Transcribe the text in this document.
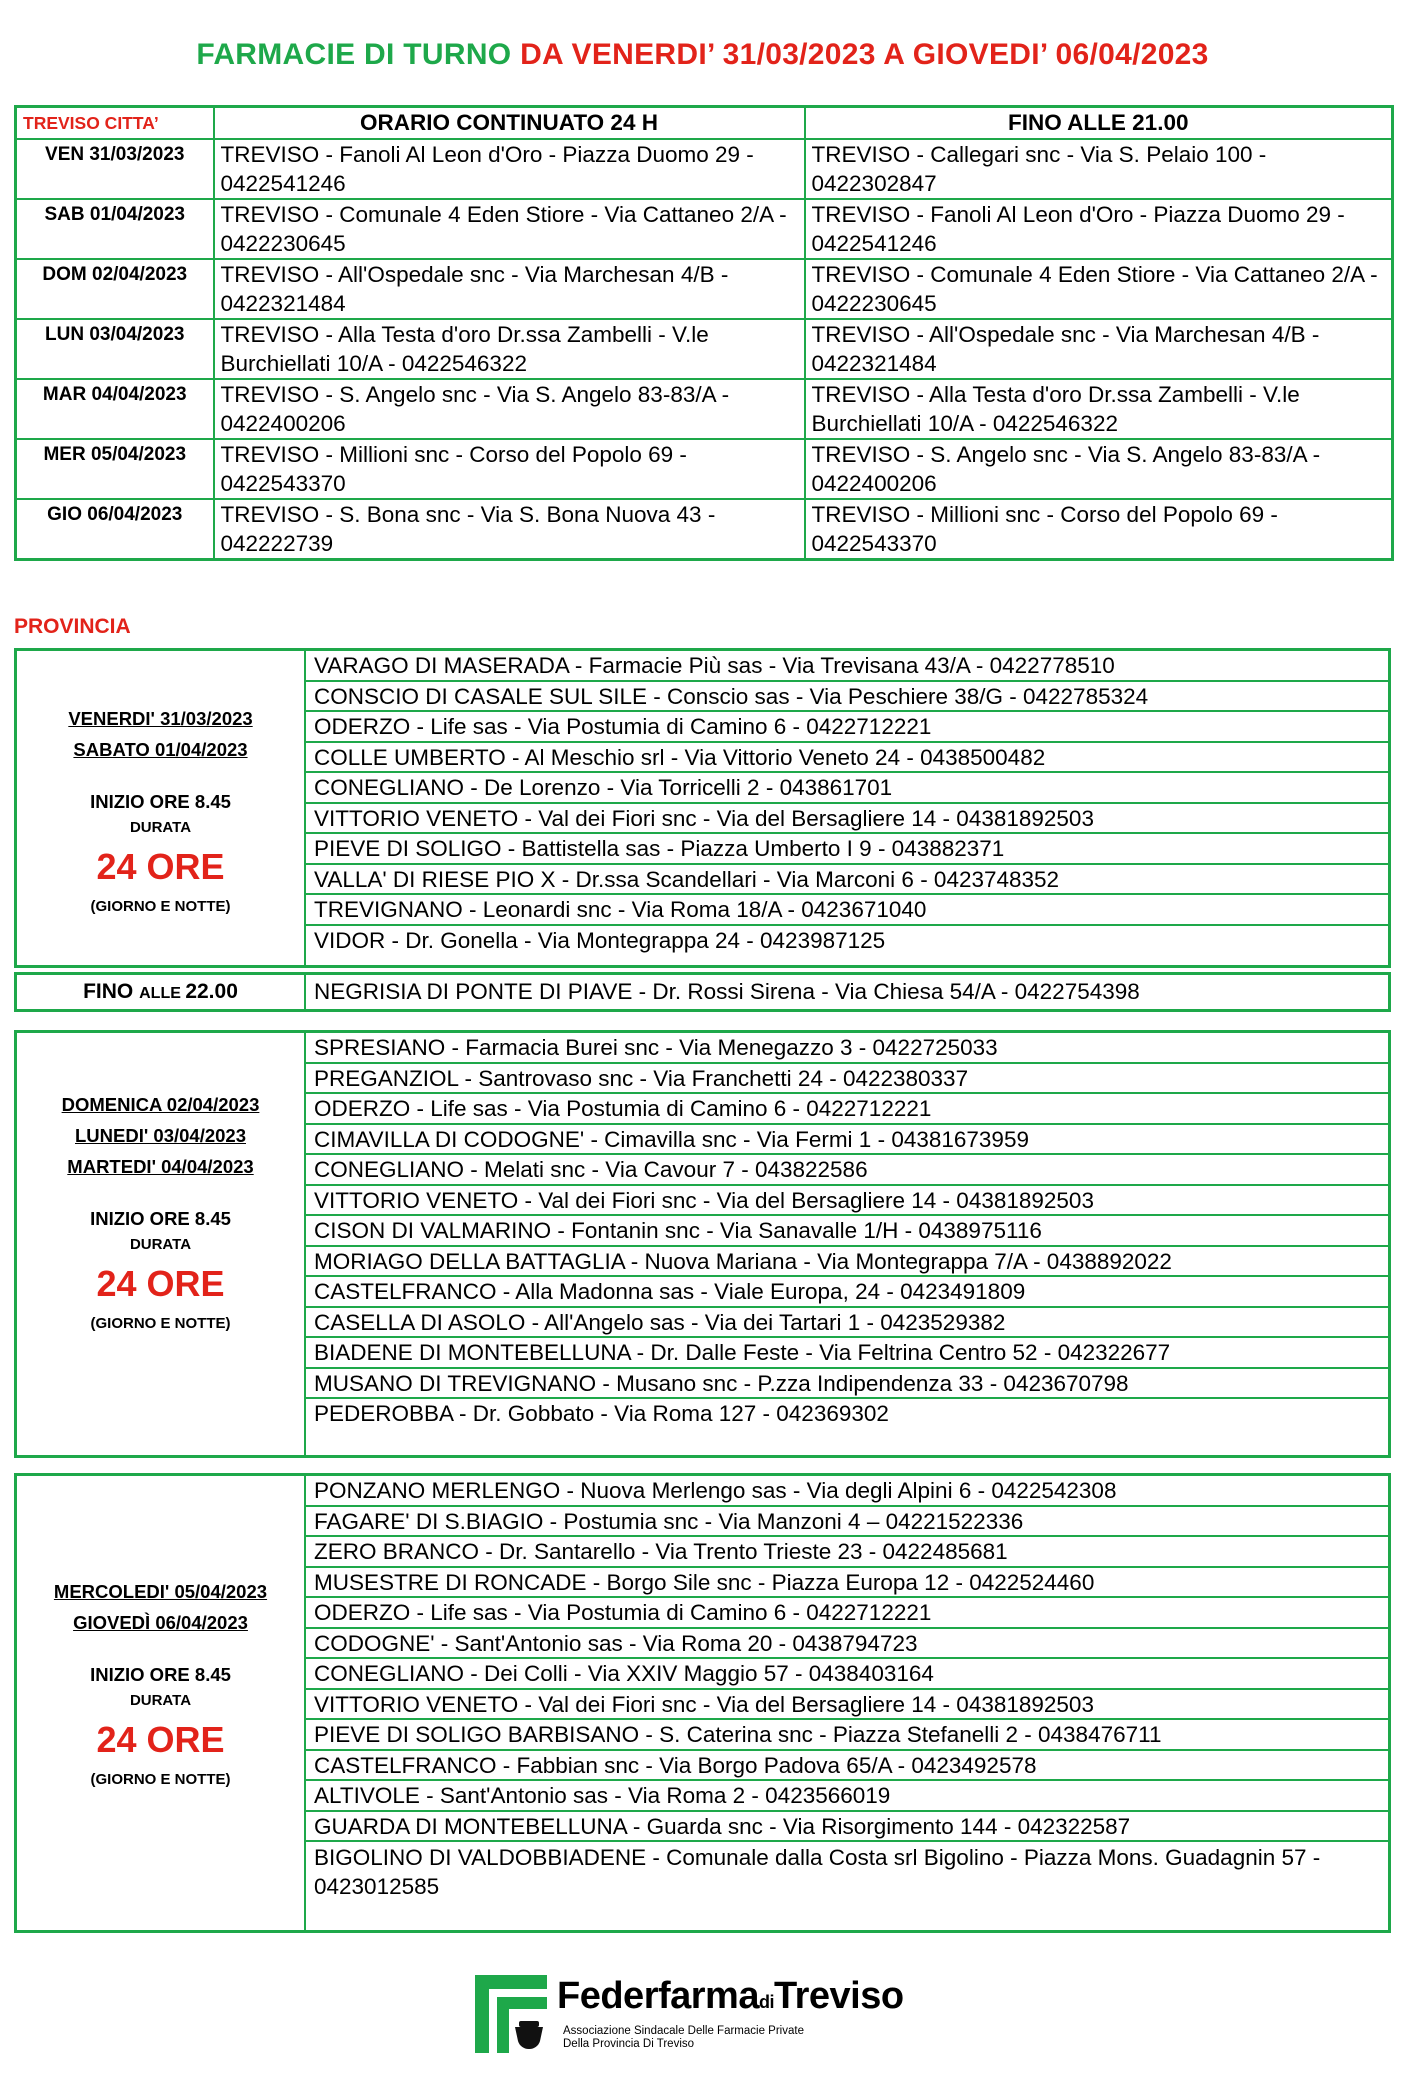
FARMACIE DI TURNO DA VENERDI’ 31/03/2023 A GIOVEDI’ 06/04/2023
TREVISO CITTA’	ORARIO CONTINUATO 24 H	FINO ALLE 21.00
VEN 31/03/2023	TREVISO - Fanoli Al Leon d'Oro - Piazza Duomo 29 - 0422541246	TREVISO - Callegari snc - Via S. Pelaio 100 - 0422302847
SAB 01/04/2023	TREVISO - Comunale 4 Eden Stiore - Via Cattaneo 2/A - 0422230645	TREVISO - Fanoli Al Leon d'Oro - Piazza Duomo 29 - 0422541246
DOM 02/04/2023	TREVISO - All'Ospedale snc - Via Marchesan 4/B - 0422321484	TREVISO - Comunale 4 Eden Stiore - Via Cattaneo 2/A - 0422230645
LUN 03/04/2023	TREVISO - Alla Testa d'oro Dr.ssa Zambelli - V.le Burchiellati 10/A - 0422546322	TREVISO - All'Ospedale snc - Via Marchesan 4/B - 0422321484
MAR 04/04/2023	TREVISO - S. Angelo snc - Via S. Angelo 83-83/A - 0422400206	TREVISO - Alla Testa d'oro Dr.ssa Zambelli - V.le Burchiellati 10/A - 0422546322
MER 05/04/2023	TREVISO - Millioni snc - Corso del Popolo 69 - 0422543370	TREVISO - S. Angelo snc - Via S. Angelo 83-83/A - 0422400206
GIO 06/04/2023	TREVISO - S. Bona snc - Via S. Bona Nuova 43 - 042222739	TREVISO - Millioni snc - Corso del Popolo 69 - 0422543370
PROVINCIA
VENERDI' 31/03/2023
SABATO 01/04/2023
INIZIO ORE 8.45
DURATA
24 ORE
(GIORNO E NOTTE)
VARAGO DI MASERADA - Farmacie Più sas - Via Trevisana 43/A - 0422778510
CONSCIO DI CASALE SUL SILE - Conscio sas - Via Peschiere 38/G - 0422785324
ODERZO - Life sas - Via Postumia di Camino 6 - 0422712221
COLLE UMBERTO - Al Meschio srl - Via Vittorio Veneto 24 - 0438500482
CONEGLIANO - De Lorenzo - Via Torricelli 2 - 043861701
VITTORIO VENETO - Val dei Fiori snc - Via del Bersagliere 14 - 04381892503
PIEVE DI SOLIGO - Battistella sas - Piazza Umberto I 9 - 043882371
VALLA' DI RIESE PIO X - Dr.ssa Scandellari - Via Marconi 6 - 0423748352
TREVIGNANO - Leonardi snc - Via Roma 18/A - 0423671040
VIDOR - Dr. Gonella - Via Montegrappa 24 - 0423987125
DOMENICA 02/04/2023
LUNEDI' 03/04/2023
MARTEDI' 04/04/2023
INIZIO ORE 8.45
DURATA
24 ORE
(GIORNO E NOTTE)
SPRESIANO - Farmacia Burei snc - Via Menegazzo 3 - 0422725033
PREGANZIOL - Santrovaso snc - Via Franchetti 24 - 0422380337
ODERZO - Life sas - Via Postumia di Camino 6 - 0422712221
CIMAVILLA DI CODOGNE' - Cimavilla snc - Via Fermi 1 - 04381673959
CONEGLIANO - Melati snc - Via Cavour 7 - 043822586
VITTORIO VENETO - Val dei Fiori snc - Via del Bersagliere 14 - 04381892503
CISON DI VALMARINO - Fontanin snc - Via Sanavalle 1/H - 0438975116
MORIAGO DELLA BATTAGLIA - Nuova Mariana - Via Montegrappa 7/A - 0438892022
CASTELFRANCO - Alla Madonna sas - Viale Europa, 24 - 0423491809
CASELLA DI ASOLO - All'Angelo sas - Via dei Tartari 1 - 0423529382
BIADENE DI MONTEBELLUNA - Dr. Dalle Feste - Via Feltrina Centro 52 - 042322677
MUSANO DI TREVIGNANO - Musano snc - P.zza Indipendenza 33 - 0423670798
PEDEROBBA - Dr. Gobbato - Via Roma 127 - 042369302
MERCOLEDI' 05/04/2023
GIOVEDÌ 06/04/2023
INIZIO ORE 8.45
DURATA
24 ORE
(GIORNO E NOTTE)
PONZANO MERLENGO - Nuova Merlengo sas - Via degli Alpini 6 - 0422542308
FAGARE' DI S.BIAGIO - Postumia snc - Via Manzoni 4 – 04221522336
ZERO BRANCO - Dr. Santarello - Via Trento Trieste 23 - 0422485681
MUSESTRE DI RONCADE - Borgo Sile snc - Piazza Europa 12 - 0422524460
ODERZO - Life sas - Via Postumia di Camino 6 - 0422712221
CODOGNE' - Sant'Antonio sas - Via Roma 20 - 0438794723
CONEGLIANO - Dei Colli - Via XXIV Maggio 57 - 0438403164
VITTORIO VENETO - Val dei Fiori snc - Via del Bersagliere 14 - 04381892503
PIEVE DI SOLIGO BARBISANO - S. Caterina snc - Piazza Stefanelli 2 - 0438476711
CASTELFRANCO - Fabbian snc - Via Borgo Padova 65/A - 0423492578
ALTIVOLE - Sant'Antonio sas - Via Roma 2 - 0423566019
GUARDA DI MONTEBELLUNA - Guarda snc - Via Risorgimento 144 - 042322587
BIGOLINO DI VALDOBBIADENE - Comunale dalla Costa srl Bigolino - Piazza Mons. Guadagnin 57 - 0423012585
FINO ALLE 22.00	NEGRISIA DI PONTE DI PIAVE - Dr. Rossi Sirena - Via Chiesa 54/A - 0422754398
FederfarmadiTreviso
Associazione Sindacale Delle Farmacie Private
Della Provincia Di Treviso
